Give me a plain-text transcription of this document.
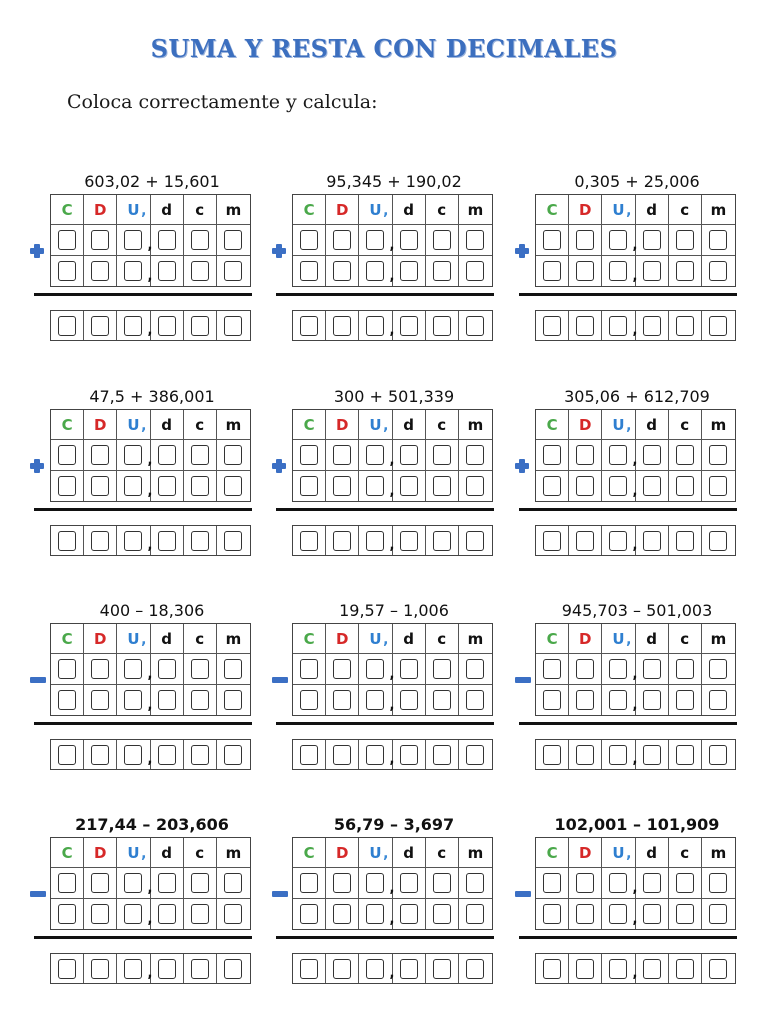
SUMA Y RESTA CON DECIMALES
Coloca correctamente y calcula:
603,02 + 15,601
C D U , d c m
,
,
,
95,345 + 190,02
C D U , d c m
,
,
,
0,305 + 25,006
C D U , d c m
,
,
,
47,5 + 386,001
C D U , d c m
,
,
,
300 + 501,339
C D U , d c m
,
,
,
305,06 + 612,709
C D U , d c m
,
,
,
400 – 18,306
C D U , d c m
,
,
,
19,57 – 1,006
C D U , d c m
,
,
,
945,703 – 501,003
C D U , d c m
,
,
,
217,44 – 203,606
C D U , d c m
,
,
,
56,79 – 3,697
C D U , d c m
,
,
,
102,001 – 101,909
C D U , d c m
,
,
,
